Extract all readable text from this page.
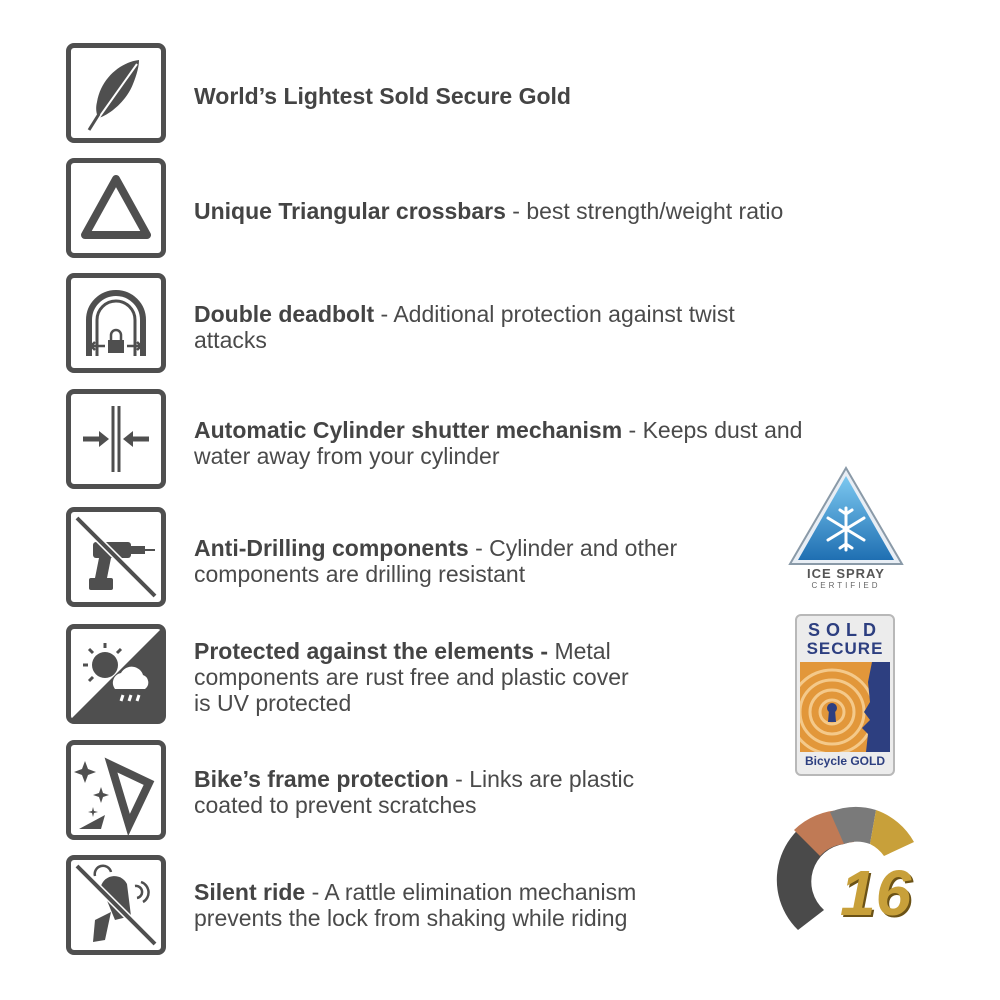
World’s Lightest Sold Secure Gold
Unique Triangular crossbars - best strength/weight ratio
Double deadbolt - Additional protection against twist
attacks
Automatic Cylinder shutter mechanism - Keeps dust and
water away from your cylinder
Anti-Drilling components - Cylinder and other
components are drilling resistant
Protected against the elements - Metal
components are rust free and plastic cover
is UV protected
Bike’s frame protection - Links are plastic
coated to prevent scratches
Silent ride - A rattle elimination mechanism
prevents the lock from shaking while riding
ICE SPRAY
CERTIFIED
SOLD
SECURE
Bicycle GOLD
16
